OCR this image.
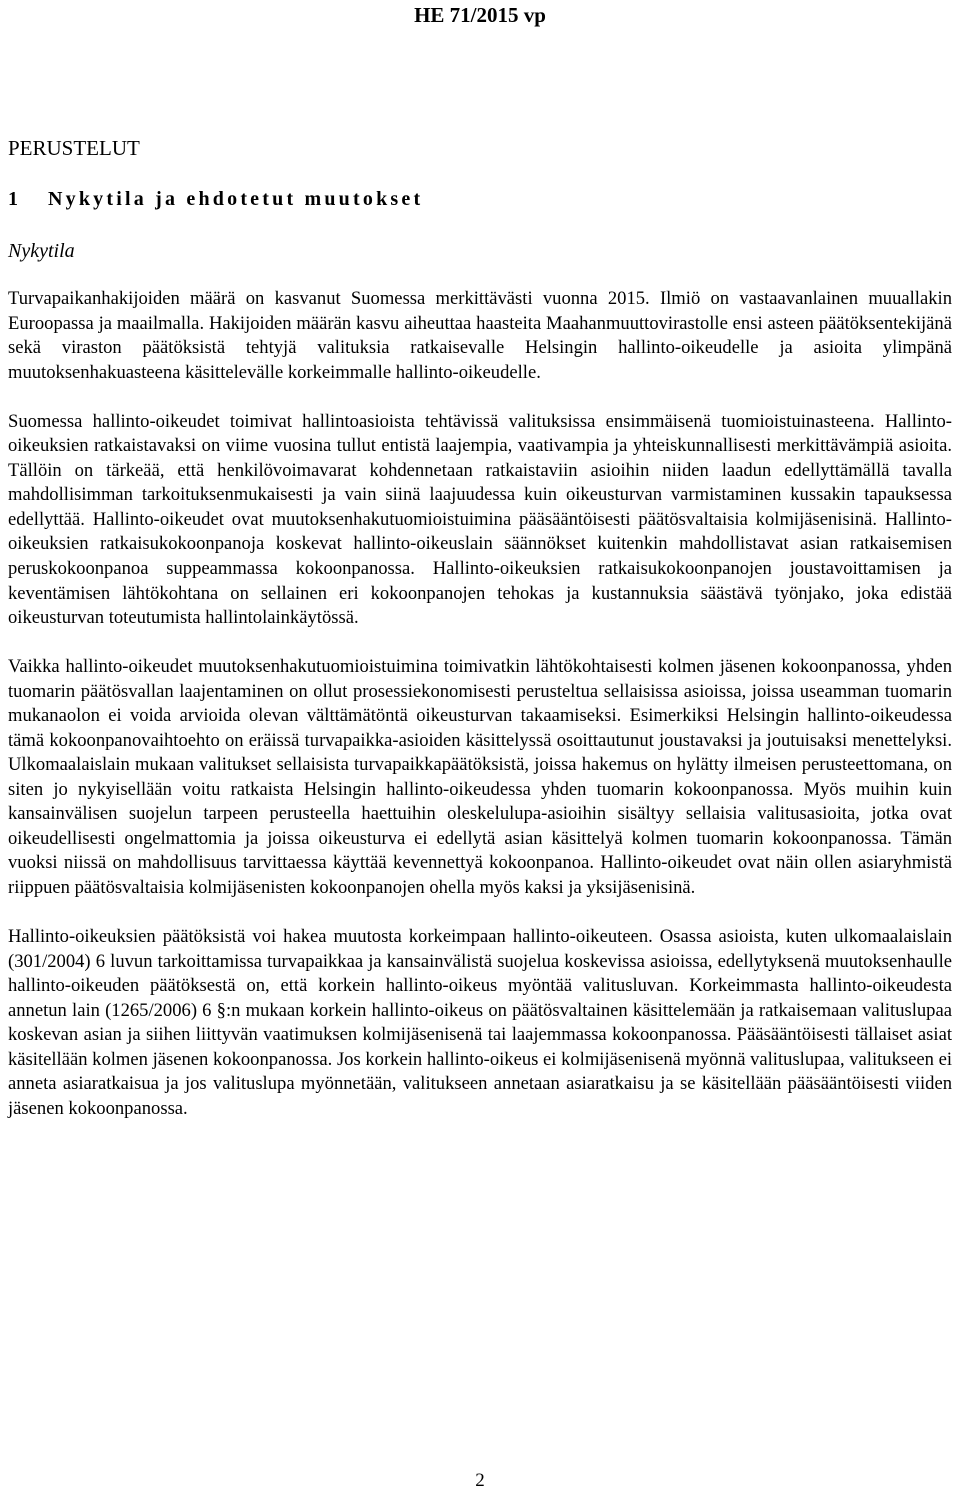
HE 71/2015 vp
PERUSTELUT
1 Nykytila ja ehdotetut muutokset
Nykytila

Turvapaikanhakijoiden määrä on kasvanut Suomessa merkittävästi vuonna 2015. Ilmiö on vastaavanlainen muuallakin Euroopassa ja maailmalla. Hakijoiden määrän kasvu aiheuttaa haasteita Maahanmuuttovirastolle ensi asteen päätöksentekijänä sekä viraston päätöksistä tehtyjä valituksia ratkaisevalle Helsingin hallinto-oikeudelle ja asioita ylimpänä muutoksenhakuasteena käsittelevälle korkeimmalle hallinto-oikeudelle.

Suomessa hallinto-oikeudet toimivat hallintoasioista tehtävissä valituksissa ensimmäisenä tuomioistuinasteena. Hallinto-oikeuksien ratkaistavaksi on viime vuosina tullut entistä laajempia, vaativampia ja yhteiskunnallisesti merkittävämpiä asioita. Tällöin on tärkeää, että henkilövoimavarat kohdennetaan ratkaistaviin asioihin niiden laadun edellyttämällä tavalla mahdollisimman tarkoituksenmukaisesti ja vain siinä laajuudessa kuin oikeusturvan varmistaminen kussakin tapauksessa edellyttää. Hallinto-oikeudet ovat muutoksenhakutuomioistuimina pääsääntöisesti päätösvaltaisia kolmijäsenisinä. Hallinto-oikeuksien ratkaisukokoonpanoja koskevat hallinto-oikeuslain säännökset kuitenkin mahdollistavat asian ratkaisemisen peruskokoonpanoa suppeammassa kokoonpanossa. Hallinto-oikeuksien ratkaisukokoonpanojen joustavoittamisen ja keventämisen lähtökohtana on sellainen eri kokoonpanojen tehokas ja kustannuksia säästävä työnjako, joka edistää oikeusturvan toteutumista hallintolainkäytössä.

Vaikka hallinto-oikeudet muutoksenhakutuomioistuimina toimivatkin lähtökohtaisesti kolmen jäsenen kokoonpanossa, yhden tuomarin päätösvallan laajentaminen on ollut prosessiekonomisesti perusteltua sellaisissa asioissa, joissa useamman tuomarin mukanaolon ei voida arvioida olevan välttämätöntä oikeusturvan takaamiseksi. Esimerkiksi Helsingin hallinto-oikeudessa tämä kokoonpanovaihtoehto on eräissä turvapaikka-asioiden käsittelyssä osoittautunut joustavaksi ja joutuisaksi menettelyksi. Ulkomaalaislain mukaan valitukset sellaisista turvapaikkapäätöksistä, joissa hakemus on hylätty ilmeisen perusteettomana, on siten jo nykyisellään voitu ratkaista Helsingin hallinto-oikeudessa yhden tuomarin kokoonpanossa. Myös muihin kuin kansainvälisen suojelun tarpeen perusteella haettuihin oleskelulupa-asioihin sisältyy sellaisia valitusasioita, jotka ovat oikeudellisesti ongelmattomia ja joissa oikeusturva ei edellytä asian käsittelyä kolmen tuomarin kokoonpanossa. Tämän vuoksi niissä on mahdollisuus tarvittaessa käyttää kevennettyä kokoonpanoa. Hallinto-oikeudet ovat näin ollen asiaryhmistä riippuen päätösvaltaisia kolmijäsenisten kokoonpanojen ohella myös kaksi ja yksijäsenisinä.

Hallinto-oikeuksien päätöksistä voi hakea muutosta korkeimpaan hallinto-oikeuteen. Osassa asioista, kuten ulkomaalaislain (301/2004) 6 luvun tarkoittamissa turvapaikkaa ja kansainvälistä suojelua koskevissa asioissa, edellytyksenä muutoksenhaulle hallinto-oikeuden päätöksestä on, että korkein hallinto-oikeus myöntää valitusluvan. Korkeimmasta hallinto-oikeudesta annetun lain (1265/2006) 6 §:n mukaan korkein hallinto-oikeus on päätösvaltainen käsittelemään ja ratkaisemaan valituslupaa koskevan asian ja siihen liittyvän vaatimuksen kolmijäsenisenä tai laajemmassa kokoonpanossa. Pääsääntöisesti tällaiset asiat käsitellään kolmen jäsenen kokoonpanossa. Jos korkein hallinto-oikeus ei kolmijäsenisenä myönnä valituslupaa, valitukseen ei anneta asiaratkaisua ja jos valituslupa myönnetään, valitukseen annetaan asiaratkaisu ja se käsitellään pääsääntöisesti viiden jäsenen kokoonpanossa.

2
